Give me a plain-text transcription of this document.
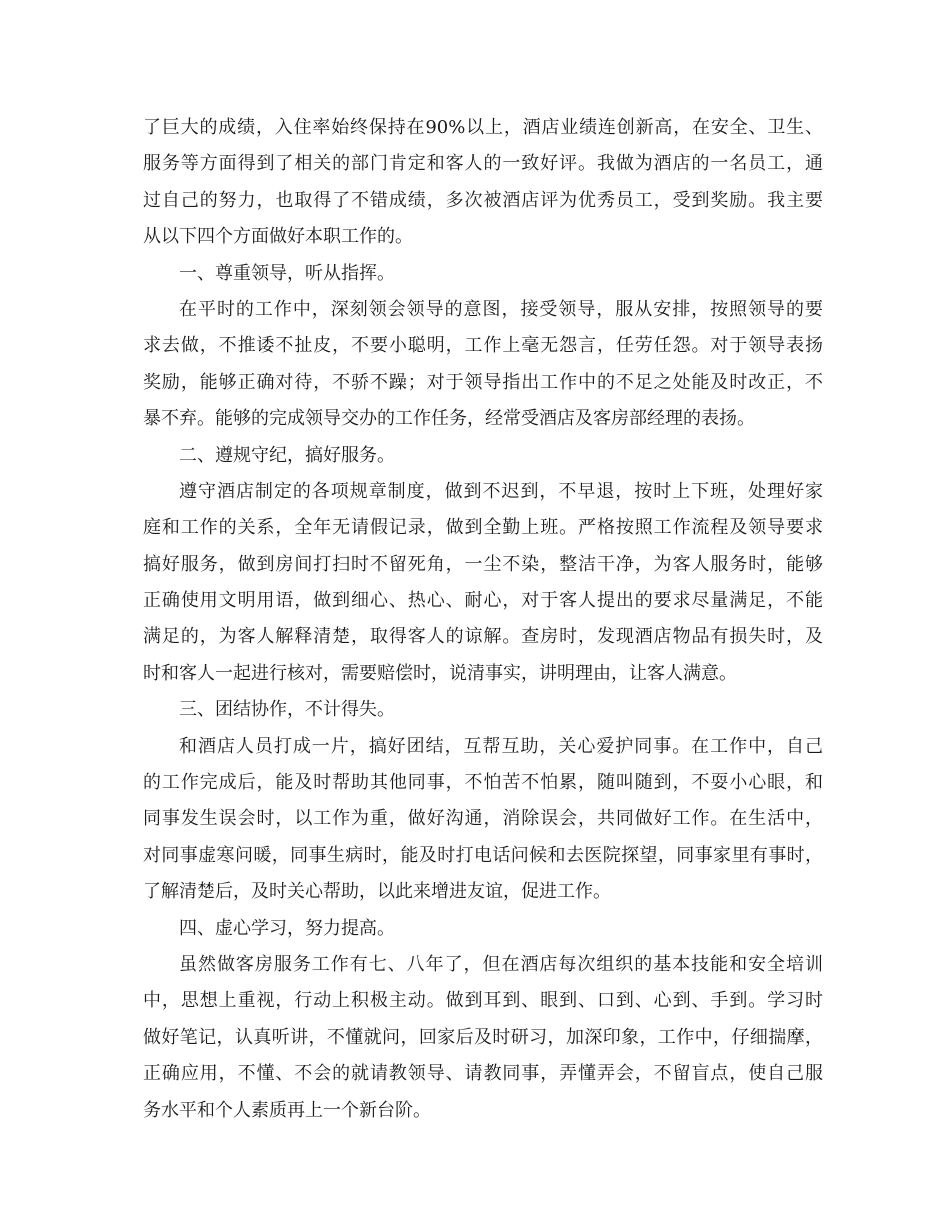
了巨大的成绩，入住率始终保持在90%以上，酒店业绩连创新高，在安全、卫生、
服务等方面得到了相关的部门肯定和客人的一致好评。我做为酒店的一名员工，通
过自己的努力，也取得了不错成绩，多次被酒店评为优秀员工，受到奖励。我主要
从以下四个方面做好本职工作的。
一、尊重领导，听从指挥。
在平时的工作中，深刻领会领导的意图，接受领导，服从安排，按照领导的要
求去做，不推诿不扯皮，不要小聪明，工作上毫无怨言，任劳任怨。对于领导表扬
奖励，能够正确对待，不骄不躁；对于领导指出工作中的不足之处能及时改正，不
暴不弃。能够的完成领导交办的工作任务，经常受酒店及客房部经理的表扬。
二、遵规守纪，搞好服务。
遵守酒店制定的各项规章制度，做到不迟到，不早退，按时上下班，处理好家
庭和工作的关系，全年无请假记录，做到全勤上班。严格按照工作流程及领导要求
搞好服务，做到房间打扫时不留死角，一尘不染，整洁干净，为客人服务时，能够
正确使用文明用语，做到细心、热心、耐心，对于客人提出的要求尽量满足，不能
满足的，为客人解释清楚，取得客人的谅解。查房时，发现酒店物品有损失时，及
时和客人一起进行核对，需要赔偿时，说清事实，讲明理由，让客人满意。
三、团结协作，不计得失。
和酒店人员打成一片，搞好团结，互帮互助，关心爱护同事。在工作中，自己
的工作完成后，能及时帮助其他同事，不怕苦不怕累，随叫随到，不耍小心眼，和
同事发生误会时，以工作为重，做好沟通，消除误会，共同做好工作。在生活中，
对同事虚寒问暖，同事生病时，能及时打电话问候和去医院探望，同事家里有事时，
了解清楚后，及时关心帮助，以此来增进友谊，促进工作。
四、虚心学习，努力提高。
虽然做客房服务工作有七、八年了，但在酒店每次组织的基本技能和安全培训
中，思想上重视，行动上积极主动。做到耳到、眼到、口到、心到、手到。学习时
做好笔记，认真听讲，不懂就问，回家后及时研习，加深印象，工作中，仔细揣摩，
正确应用，不懂、不会的就请教领导、请教同事，弄懂弄会，不留盲点，使自己服
务水平和个人素质再上一个新台阶。
